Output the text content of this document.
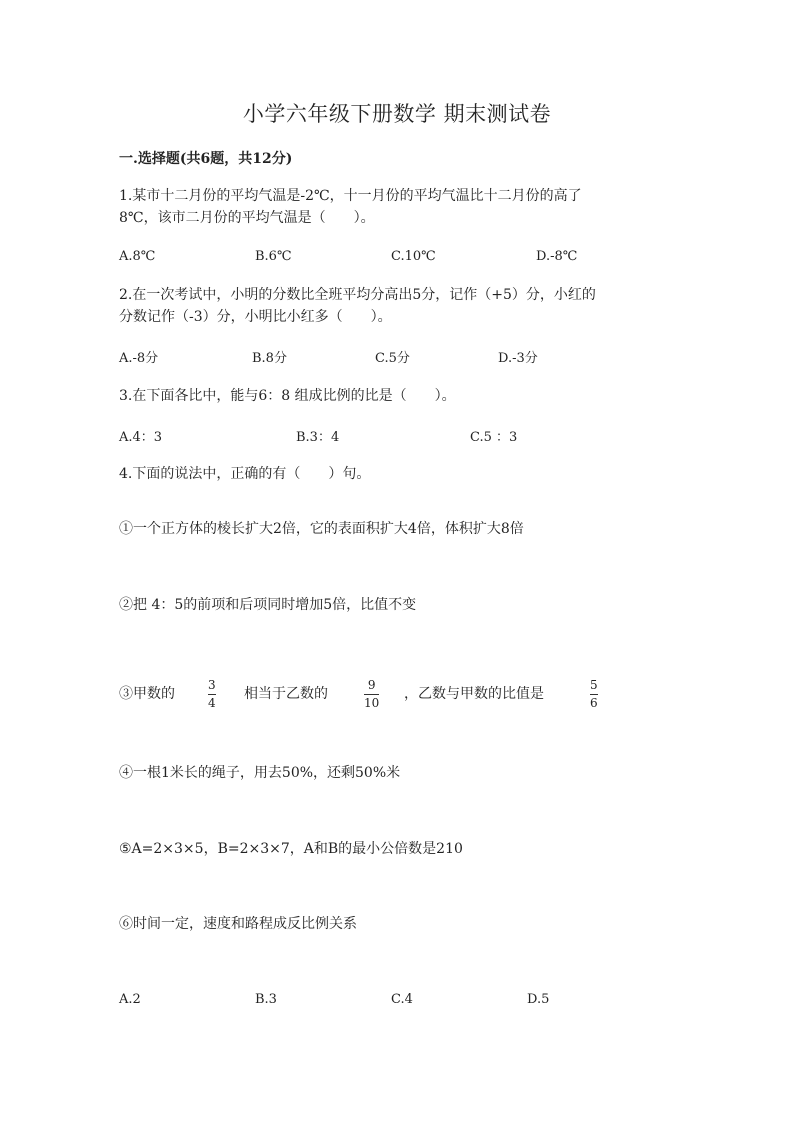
小学六年级下册数学 期末测试卷
一.选择题(共6题，共12分)
1.某市十二月份的平均气温是-2℃，十一月份的平均气温比十二月份的高了
8℃，该市二月份的平均气温是（　　）。
A.8℃	B.6℃	C.10℃	D.-8℃
2.在一次考试中，小明的分数比全班平均分高出5分，记作（+5）分，小红的
分数记作（-3）分，小明比小红多（　　）。
A.-8分	B.8分	C.5分	D.-3分
3.在下面各比中，能与6：8 组成比例的比是（　　）。
A.4：3	B.3：4	C.5 ：3
4.下面的说法中，正确的有（　　）句。
①一个正方体的棱长扩大2倍，它的表面积扩大4倍，体积扩大8倍
②把 4：5的前项和后项同时增加5倍，比值不变
③甲数的
3
4
相当于乙数的
9
10
，乙数与甲数的比值是
5
6
④一根1米长的绳子，用去50%，还剩50%米
⑤A=2×3×5，B=2×3×7，A和B的最小公倍数是210
⑥时间一定，速度和路程成反比例关系
A.2	B.3	C.4	D.5
